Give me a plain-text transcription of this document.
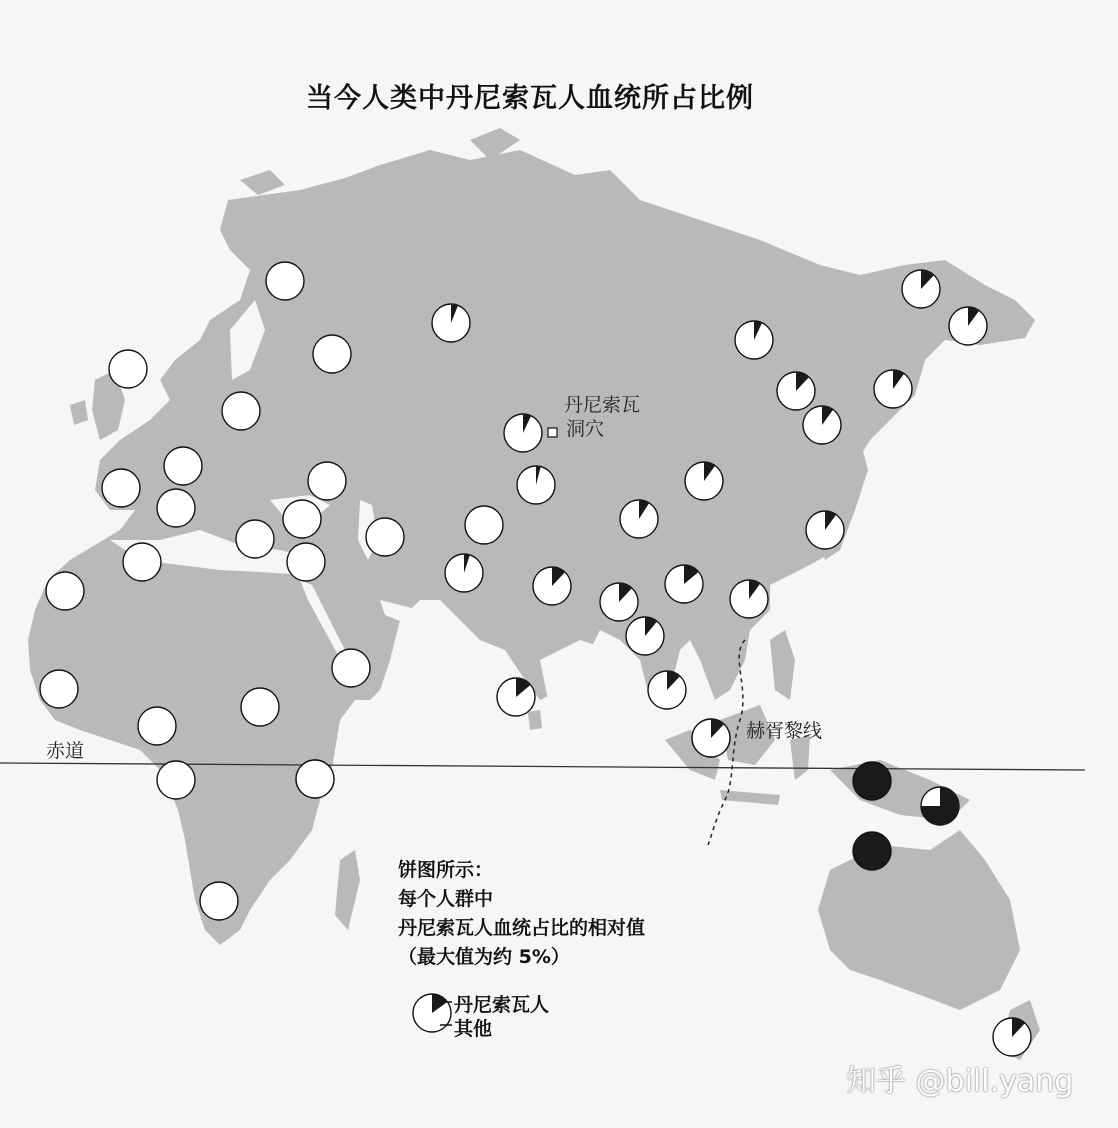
当今人类中丹尼索瓦人血统所占比例
丹尼索瓦
洞穴
赫胥黎线
赤道
饼图所示：
每个人群中
丹尼索瓦人血统占比的相对值
（最大值为约 5%）
丹尼索瓦人
其他
知乎 @bill.yang
